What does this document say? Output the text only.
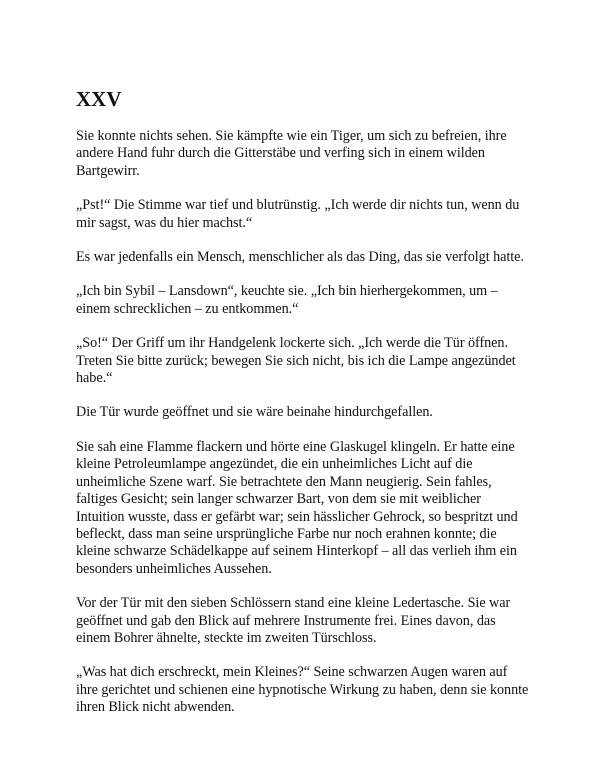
XXV

Sie konnte nichts sehen. Sie kämpfte wie ein Tiger, um sich zu befreien, ihre andere Hand fuhr durch die Gitterstäbe und verfing sich in einem wilden Bartgewirr.

„Pst!“ Die Stimme war tief und blutrünstig. „Ich werde dir nichts tun, wenn du mir sagst, was du hier machst.“

Es war jedenfalls ein Mensch, menschlicher als das Ding, das sie verfolgt hatte.

„Ich bin Sybil – Lansdown“, keuchte sie. „Ich bin hierhergekommen, um – einem schrecklichen – zu entkommen.“

„So!“ Der Griff um ihr Handgelenk lockerte sich. „Ich werde die Tür öffnen. Treten Sie bitte zurück; bewegen Sie sich nicht, bis ich die Lampe angezündet habe.“

Die Tür wurde geöffnet und sie wäre beinahe hindurchgefallen.

Sie sah eine Flamme flackern und hörte eine Glaskugel klingeln. Er hatte eine kleine Petroleumlampe angezündet, die ein unheimliches Licht auf die unheimliche Szene warf. Sie betrachtete den Mann neugierig. Sein fahles, faltiges Gesicht; sein langer schwarzer Bart, von dem sie mit weiblicher Intuition wusste, dass er gefärbt war; sein hässlicher Gehrock, so bespritzt und befleckt, dass man seine ursprüngliche Farbe nur noch erahnen konnte; die kleine schwarze Schädelkappe auf seinem Hinterkopf – all das verlieh ihm ein besonders unheimliches Aussehen.

Vor der Tür mit den sieben Schlössern stand eine kleine Ledertasche. Sie war geöffnet und gab den Blick auf mehrere Instrumente frei. Eines davon, das einem Bohrer ähnelte, steckte im zweiten Türschloss.

„Was hat dich erschreckt, mein Kleines?“ Seine schwarzen Augen waren auf ihre gerichtet und schienen eine hypnotische Wirkung zu haben, denn sie konnte ihren Blick nicht abwenden.
